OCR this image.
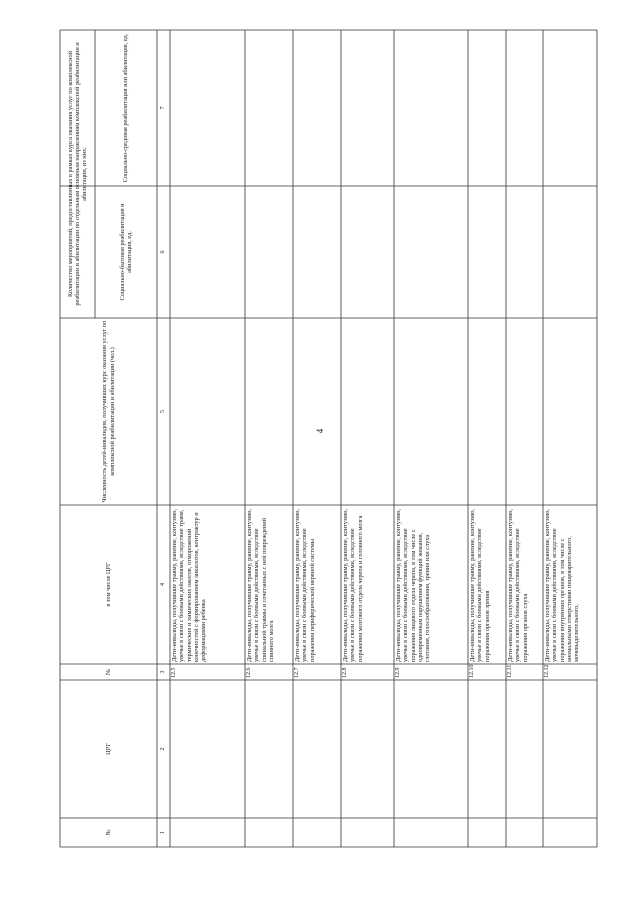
4
№
ЦРГ
№
в том числе ЦРГ
Численность детей-инвалидов, получивших курс оказания услуг по комплексной реабилитации и абилитации (чел.)
Количество мероприятий, предоставленных в рамках курса оказания услуг по комплексной реабилитации и абилитации по отдельным основным направлениям комплексной реабилитации и абилитации, из них:
Социально-бытовая реабилитация и абилитация, ед.
Социально-средовая реабилитация или абилитация, ед.
1
2
3
4
5
6
7
12.5
Дети-инвалиды, получившие травму, ранение, контузию, увечье в связи с боевыми действиями, вследствие травм, термических и химических ожогов, отморожений конечностей с формированием анкилозов, контрактур и деформациями ребенка
12.6
Дети-инвалиды, получившие травму, ранение, контузию, увечье в связи с боевыми действиями, вследствие спинальной травмы и сочетанных с ней повреждений спинного мозга
12.7
Дети-инвалиды, получившие травму, ранение, контузию, увечье в связи с боевыми действиями, вследствие поражения периферической нервной системы
12.8
Дети-инвалиды, получившие травму, ранение, контузию, увечье в связи с боевыми действиями, вследствие поражения мозгового отдела черепа и головного мозга
12.9
Дети-инвалиды, получившие травму, ранение, контузию, увечье в связи с боевыми действиями, вследствие поражения лицевого отдела черепа, в том числе с одновременным нарушением функций жевания, глотания, голосообразования, зрения или слуха
12.10
Дети-инвалиды, получившие травму, ранение, контузию, увечье в связи с боевыми действиями, вследствие поражения органов зрения
12.11
Дети-инвалиды, получившие травму, ранение, контузию, увечье в связи с боевыми действиями, вследствие поражения органов слуха
12.12
Дети-инвалиды, получившие травму, ранение, контузию, увечье в связи с боевыми действиями, вследствие поражения внутренних органов, в том числе с аномальными отверстиями пищеварительного, мочевыделительного,
